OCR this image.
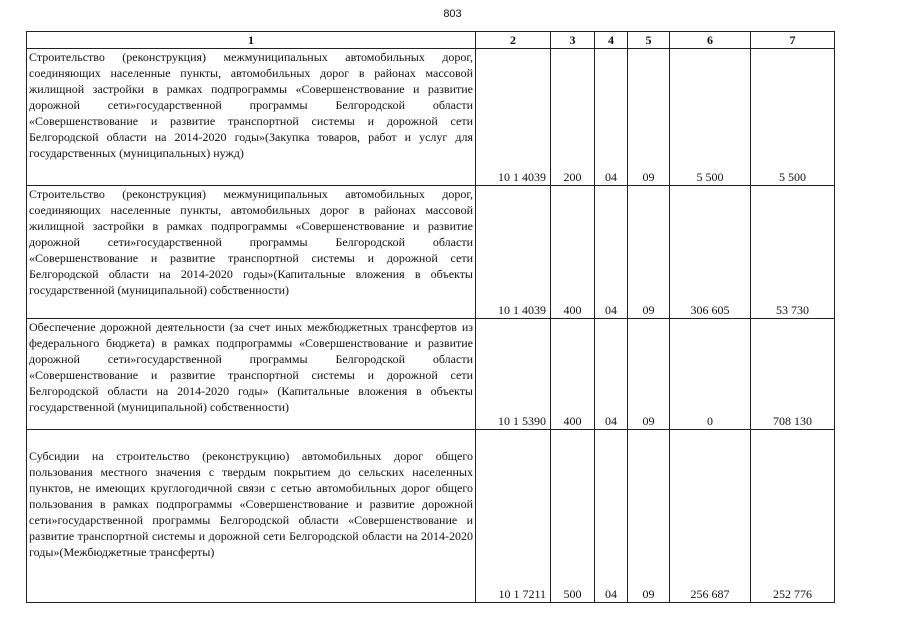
803
1	2	3	4	5	6	7
Строительство (реконструкция) межмуниципальных автомобильных дорог, соединяющих населенные пункты, автомобильных дорог в районах массовой жилищной застройки в рамках подпрограммы «Совершенствование и развитие дорожной сети»государственной программы Белгородской области «Совершенствование и развитие транспортной системы и дорожной сети Белгородской области на 2014-2020 годы»(Закупка товаров, работ и услуг для государственных (муниципальных) нужд)	10 1 4039	200	04	09	5 500	5 500
Строительство (реконструкция) межмуниципальных автомобильных дорог, соединяющих населенные пункты, автомобильных дорог в районах массовой жилищной застройки в рамках подпрограммы «Совершенствование и развитие дорожной сети»государственной программы Белгородской области «Совершенствование и развитие транспортной системы и дорожной сети Белгородской области на 2014-2020 годы»(Капитальные вложения в объекты государственной (муниципальной) собственности)	10 1 4039	400	04	09	306 605	53 730
Обеспечение дорожной деятельности (за счет иных межбюджетных трансфертов из федерального бюджета) в рамках подпрограммы «Совершенствование и развитие дорожной сети»государственной программы Белгородской области «Совершенствование и развитие транспортной системы и дорожной сети Белгородской области на 2014-2020 годы» (Капитальные вложения в объекты государственной (муниципальной) собственности)	10 1 5390	400	04	09	0	708 130
Субсидии на строительство (реконструкцию) автомобильных дорог общего пользования местного значения с твердым покрытием до сельских населенных пунктов, не имеющих круглогодичной связи с сетью автомобильных дорог общего пользования в рамках подпрограммы «Совершенствование и развитие дорожной сети»государственной программы Белгородской области «Совершенствование и развитие транспортной системы и дорожной сети Белгородской области на 2014-2020 годы»(Межбюджетные трансферты)	10 1 7211	500	04	09	256 687	252 776
